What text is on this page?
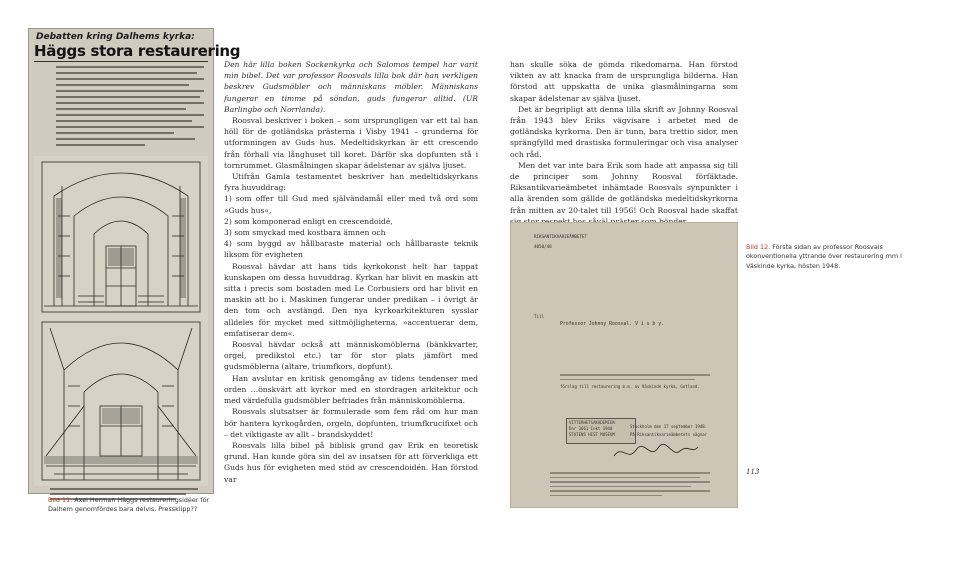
Debatten kring Dalhems kyrka:
Häggs stora restaurering
Bild 11. Axel Herman Häggs restaureringsidéer för Dalhem genomfördes bara delvis. Pressklipp??

Den här lilla boken Sockenkyrka och Salomos tempel har varit min bibel. Det var professor Roosvals lilla bok där han verkligen beskrev Gudsmöbler och människans möbler. Människans fungerar en timme på söndan, guds fungerar alltid. (UR Barlingbo och Norrlanda).

Roosval beskriver i boken – som ursprungligen var ett tal han höll för de gotländska prästerna i Visby 1941 – grunderna för utformningen av Guds hus. Medeltidskyrkan är ett crescendo från förhall via långhuset till koret. Därför ska dopfunten stå i tornrummet. Glasmålningen skapar ädelstenar av själva ljuset.

Utifrån Gamla testamentet beskriver han medeltidskyrkans fyra huvuddrag:

1) som offer till Gud med självändamål eller med två ord som »Guds hus«,

2) som komponerad enligt en crescendoidé,

3) som smyckad med kostbara ämnen och

4) som byggd av hållbaraste material och hållbaraste teknik liksom för evigheten

Roosval hävdar att hans tids kyrkokonst helt har tappat kunskapen om dessa huvuddrag. Kyrkan har blivit en maskin att sitta i precis som bostaden med Le Corbusiers ord har blivit en maskin att bo i. Maskinen fungerar under predikan – i övrigt är den tom och avstängd. Den nya kyrkoarkitekturen sysslar alldeles för mycket med sittmöjligheterna, »accentuerar dem, emfatiserar dem«.

Roosval hävdar också att människomöblerna (bänkkvarter, orgel, predikstol etc.) tar för stor plats jämfört med gudsmöblerna (altare, triumfkors, dopfunt).

Han avslutar en kritisk genomgång av tidens tendenser med orden …önskvärt att kyrkor med en stordragen arkitektur och med värdefulla gudsmöbler befriades från människomöblerna.

Roosvals slutsatser är formulerade som fem råd om hur man bör hantera kyrkogården, orgeln, dopfunten, triumfkrucifixet och – det viktigaste av allt – brandskyddet!

Roosvals lilla bibel på biblisk grund gav Erik en teoretisk grund. Han kunde göra sin del av insatsen för att förverkliga ett Guds hus för evigheten med stöd av crescendoidén. Han förstod var

han skulle söka de gömda rikedomarna. Han förstod vikten av att knacka fram de ursprungliga bilderna. Han förstod att uppskatta de unika glasmålningarna som skapar ädelstenar av själva ljuset.

Det är begripligt att denna lilla skrift av Johnny Roosval från 1943 blev Eriks vägvisare i arbetet med de gotländska kyrkorna. Den är tunn, bara trettio sidor, men sprängfylld med drastiska formuleringar och visa analyser och råd.

Men det var inte bara Erik som hade att anpassa sig till de principer som Johnny Roosval förfäktade. Riksantikvarieämbetet inhämtade Roosvals synpunkter i alla ärenden som gällde de gotländska medeltidskyrkorna från mitten av 20-talet till 1956! Och Roosval hade skaffat

RIKSANTIKVARIEÄMBETET
4050/48
Till
Professor Johnny Roosval. V i s b y.
förslag till restaurering m.m. av Väskinde kyrka, Gotland.
VITTERHETSAKADEMIEN
Dnr 3661 Inkt 1948
STATENS HIST MUSEUM
Stockholm den 17 september 1948.
På Riksantikvarieämbetets vägnar
Bild 12. Första sidan av professor Roosvals okonventionella yttrande över restaurering mm i Väskinde kyrka, hösten 1948.
113
